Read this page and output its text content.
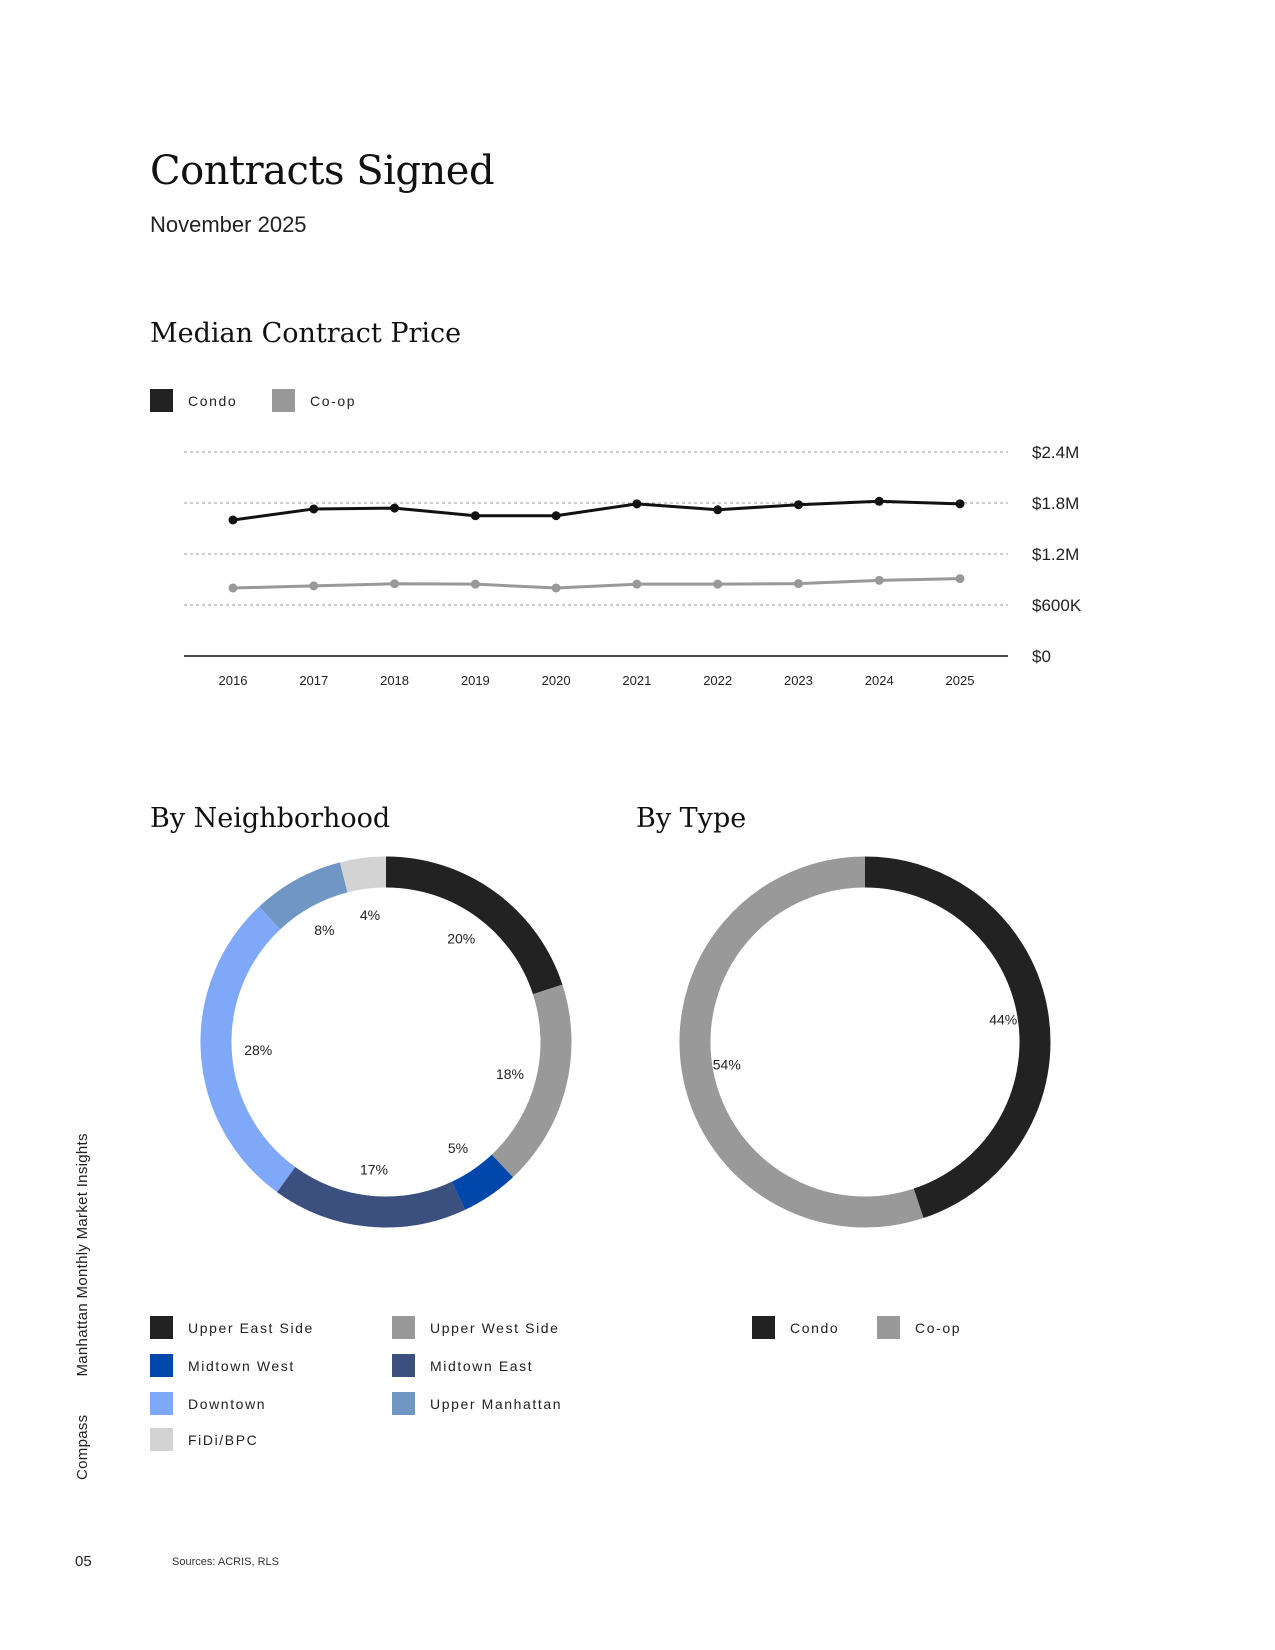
Contracts Signed
November 2025
Median Contract Price
Condo	Co-op
$0
$600K
$1.2M
$1.8M
$2.4M
2016	2017	2018	2019	2020	2021	2022	2023	2024	2025
By Neighborhood	By Type
20%
18%
5%
17%
28%
8%
4%
44%
54%
Upper East Side	Upper West Side
Midtown West	Midtown East
Downtown	Upper Manhattan
FiDi/BPC
Condo	Co-op
Compass
Manhattan Monthly Market Insights
05	Sources: ACRIS, RLS
